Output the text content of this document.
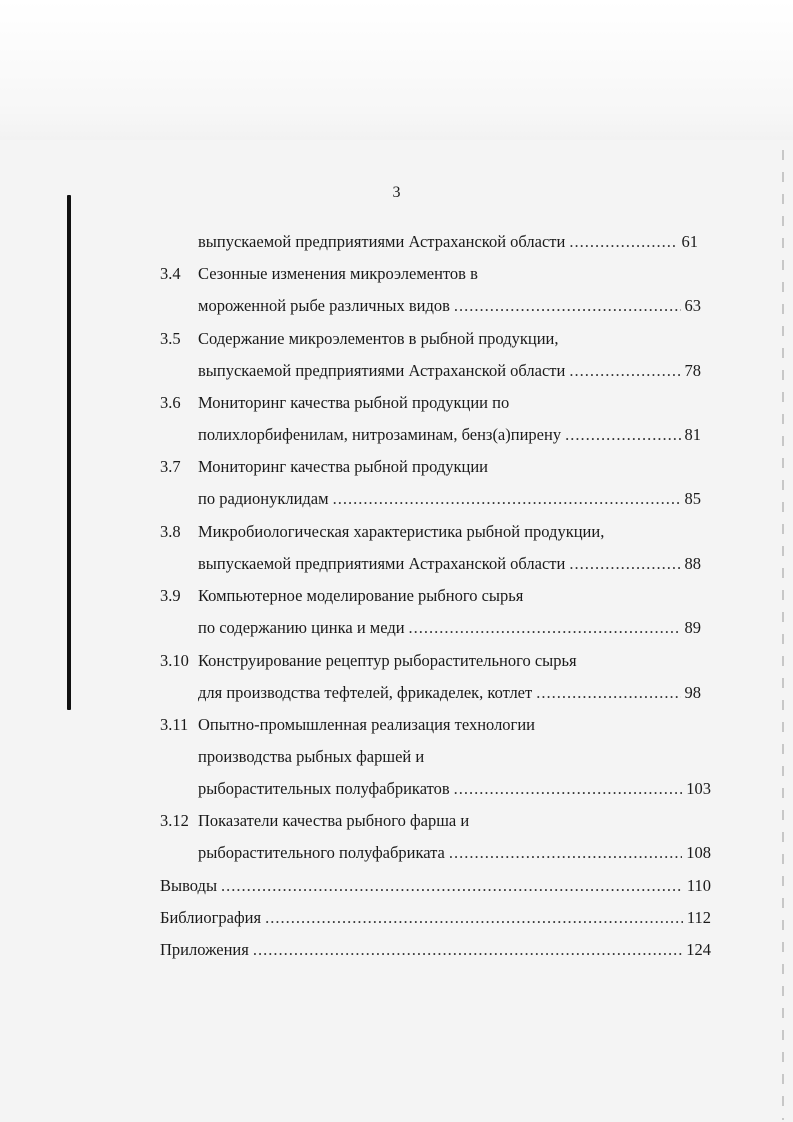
3
выпускаемой предприятиями Астраханской области .....	61
3.4 Сезонные изменения микроэлементов в
мороженной рыбе различных видов .....	63
3.5 Содержание микроэлементов в рыбной продукции,
выпускаемой предприятиями Астраханской области .....	78
3.6 Мониторинг качества рыбной продукции по
полихлорбифенилам, нитрозаминам, бенз(а)пирену .....	81
3.7 Мониторинг качества рыбной продукции
по радионуклидам .....	85
3.8 Микробиологическая характеристика рыбной продукции,
выпускаемой предприятиями Астраханской области .....	88
3.9 Компьютерное моделирование рыбного сырья
по содержанию цинка и меди .....	89
3.10 Конструирование рецептур рыборастительного сырья
для производства тефтелей, фрикаделек, котлет .....	98
3.11 Опытно-промышленная реализация технологии
производства рыбных фаршей и
рыборастительных полуфабрикатов .....	103
3.12 Показатели качества рыбного фарша и
рыборастительного полуфабриката .....	108
Выводы .....	110
Библиография .....	112
Приложения .....	124
